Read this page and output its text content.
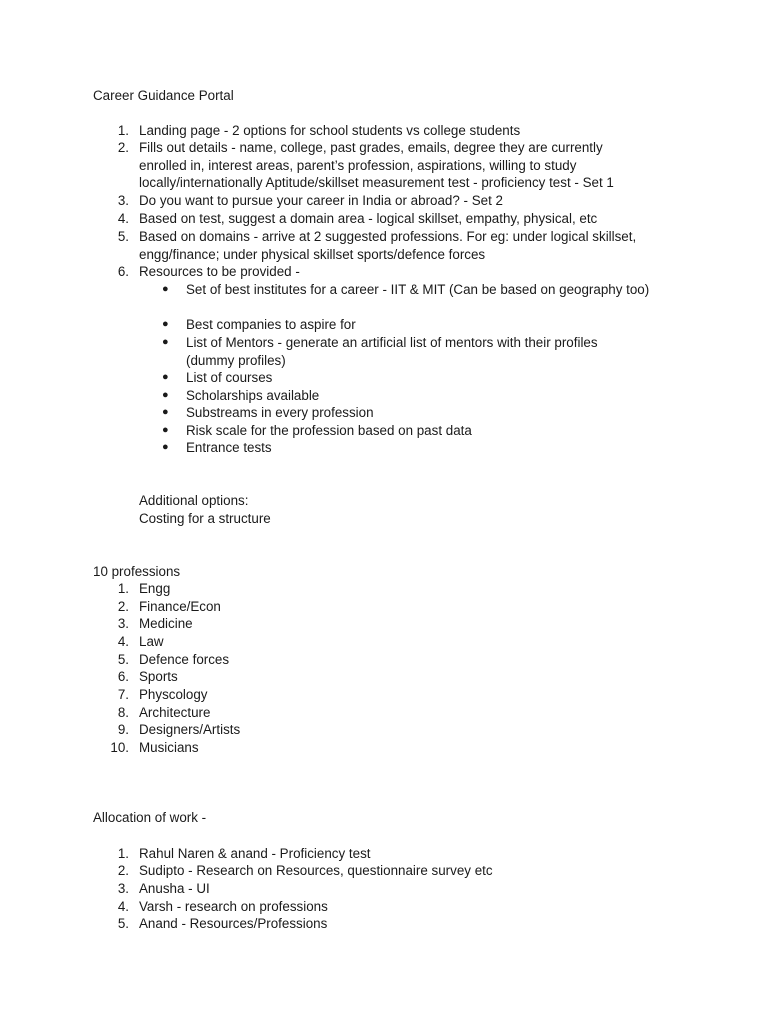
Career Guidance Portal
1. Landing page - 2 options for school students vs college students
2. Fills out details - name, college, past grades, emails, degree they are currently enrolled in, interest areas, parent’s profession, aspirations, willing to study locally/internationally Aptitude/skillset measurement test - proficiency test - Set 1
3. Do you want to pursue your career in India or abroad? - Set 2
4. Based on test, suggest a domain area - logical skillset, empathy, physical, etc
5. Based on domains - arrive at 2 suggested professions. For eg: under logical skillset, engg/finance; under physical skillset sports/defence forces
6. Resources to be provided -
● Set of best institutes for a career - IIT & MIT (Can be based on geography too)
● Best companies to aspire for
● List of Mentors - generate an artificial list of mentors with their profiles (dummy profiles)
● List of courses
● Scholarships available
● Substreams in every profession
● Risk scale for the profession based on past data
● Entrance tests
Additional options:
Costing for a structure
10 professions
1. Engg
2. Finance/Econ
3. Medicine
4. Law
5. Defence forces
6. Sports
7. Physcology
8. Architecture
9. Designers/Artists
10. Musicians
Allocation of work -
1. Rahul Naren & anand - Proficiency test
2. Sudipto - Research on Resources, questionnaire survey etc
3. Anusha - UI
4. Varsh - research on professions
5. Anand - Resources/Professions
